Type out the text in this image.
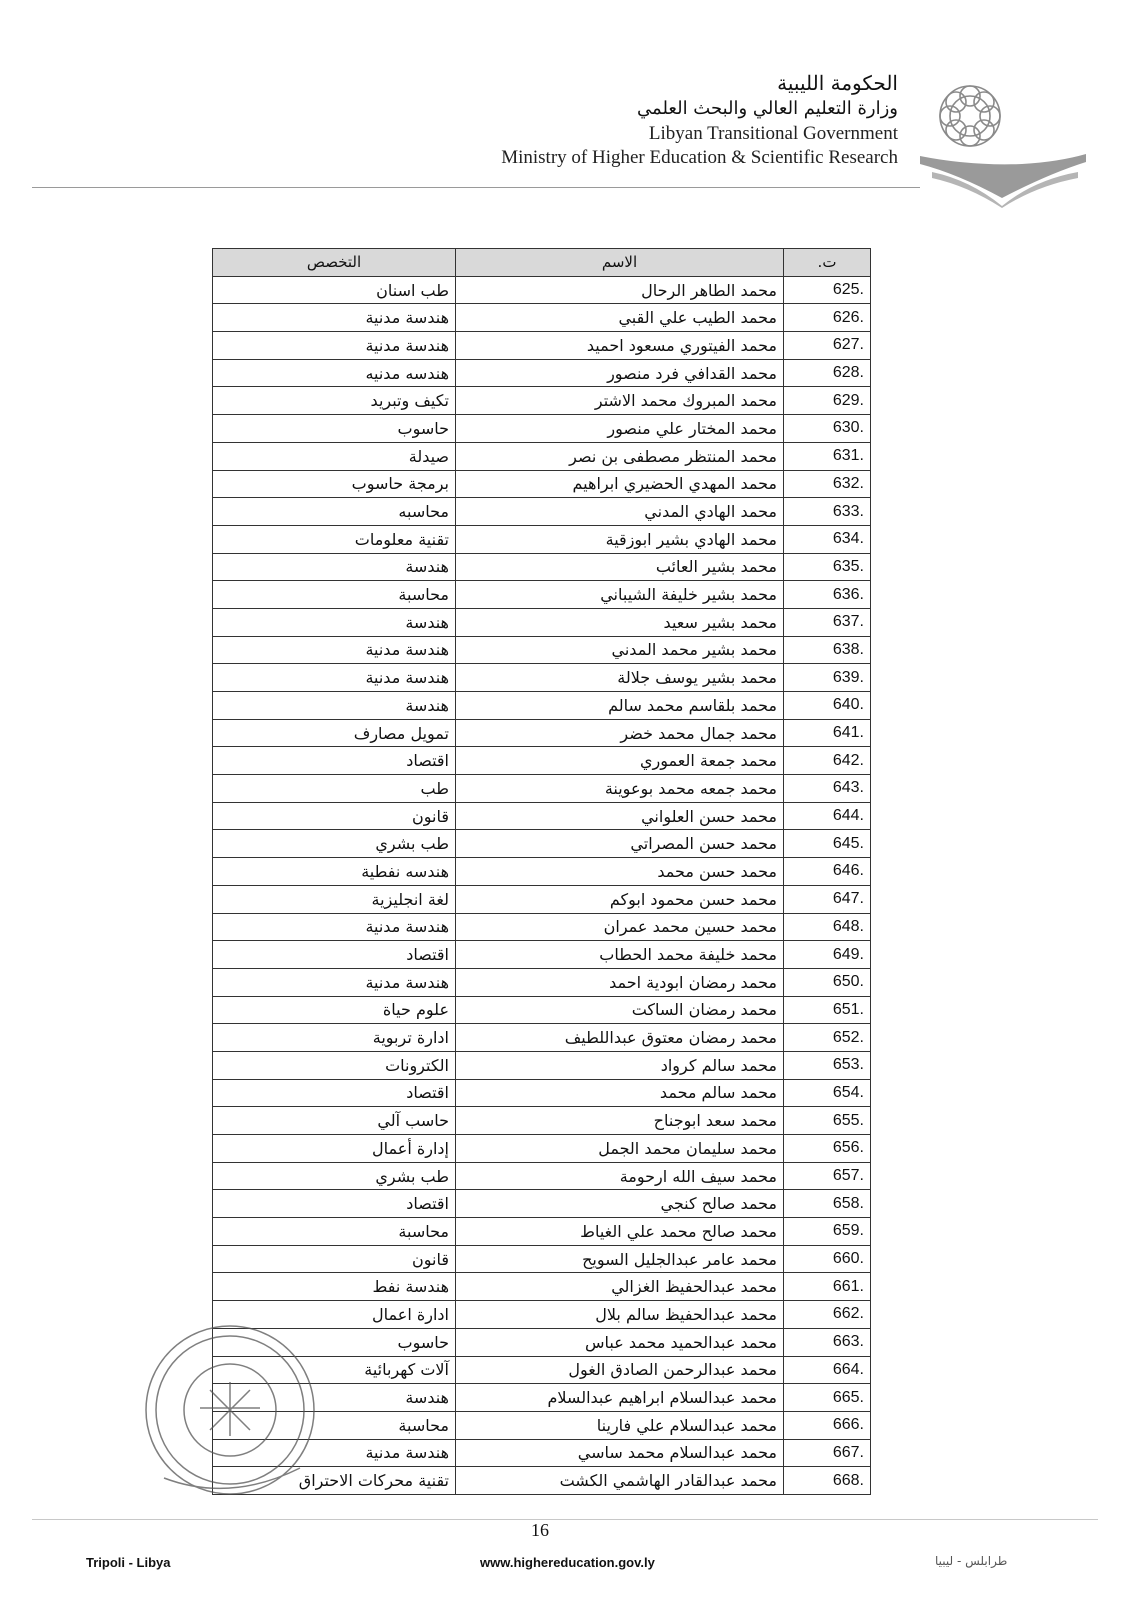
الحكومة الليبية
وزارة التعليم العالي والبحث العلمي
Libyan Transitional Government
Ministry of Higher Education & Scientific Research
ت.	الاسم	التخصص
625.	محمد الطاهر الرحال	طب اسنان
626.	محمد الطيب علي القبي	هندسة مدنية
627.	محمد الفيتوري مسعود احميد	هندسة مدنية
628.	محمد القدافي فرد منصور	هندسه مدنيه
629.	محمد المبروك محمد الاشتر	تكيف وتبريد
630.	محمد المختار علي منصور	حاسوب
631.	محمد المنتظر مصطفى بن نصر	صيدلة
632.	محمد المهدي الحضيري ابراهيم	برمجة حاسوب
633.	محمد الهادي المدني	محاسبه
634.	محمد الهادي بشير ابوزقية	تقنية معلومات
635.	محمد بشير العائب	هندسة
636.	محمد بشير خليفة الشيباني	محاسبة
637.	محمد بشير سعيد	هندسة
638.	محمد بشير محمد المدني	هندسة مدنية
639.	محمد بشير يوسف جلالة	هندسة مدنية
640.	محمد بلقاسم محمد سالم	هندسة
641.	محمد جمال محمد خضر	تمويل مصارف
642.	محمد جمعة العموري	اقتصاد
643.	محمد جمعه محمد بوعوينة	طب
644.	محمد حسن العلواني	قانون
645.	محمد حسن المصراتي	طب بشري
646.	محمد حسن محمد	هندسه نفطية
647.	محمد حسن محمود ابوكم	لغة انجليزية
648.	محمد حسين محمد عمران	هندسة مدنية
649.	محمد خليفة محمد الحطاب	اقتصاد
650.	محمد رمضان ابودية احمد	هندسة مدنية
651.	محمد رمضان الساكت	علوم حياة
652.	محمد رمضان معتوق عبداللطيف	ادارة تربوية
653.	محمد سالم كرواد	الكترونات
654.	محمد سالم محمد	اقتصاد
655.	محمد سعد ابوجناح	حاسب آلي
656.	محمد سليمان محمد الجمل	إدارة أعمال
657.	محمد سيف الله ارحومة	طب بشري
658.	محمد صالح كنجي	اقتصاد
659.	محمد صالح محمد علي الغياط	محاسبة
660.	محمد عامر عبدالجليل السويح	قانون
661.	محمد عبدالحفيظ الغزالي	هندسة نفط
662.	محمد عبدالحفيظ سالم بلال	ادارة اعمال
663.	محمد عبدالحميد محمد عباس	حاسوب
664.	محمد عبدالرحمن الصادق الغول	آلات كهربائية
665.	محمد عبدالسلام ابراهيم عبدالسلام	هندسة
666.	محمد عبدالسلام علي فارينا	محاسبة
667.	محمد عبدالسلام محمد ساسي	هندسة مدنية
668.	محمد عبدالقادر الهاشمي الكشت	تقنية محركات الاحتراق
16
Tripoli - Libya	www.highereducation.gov.ly	طرابلس - ليبيا
